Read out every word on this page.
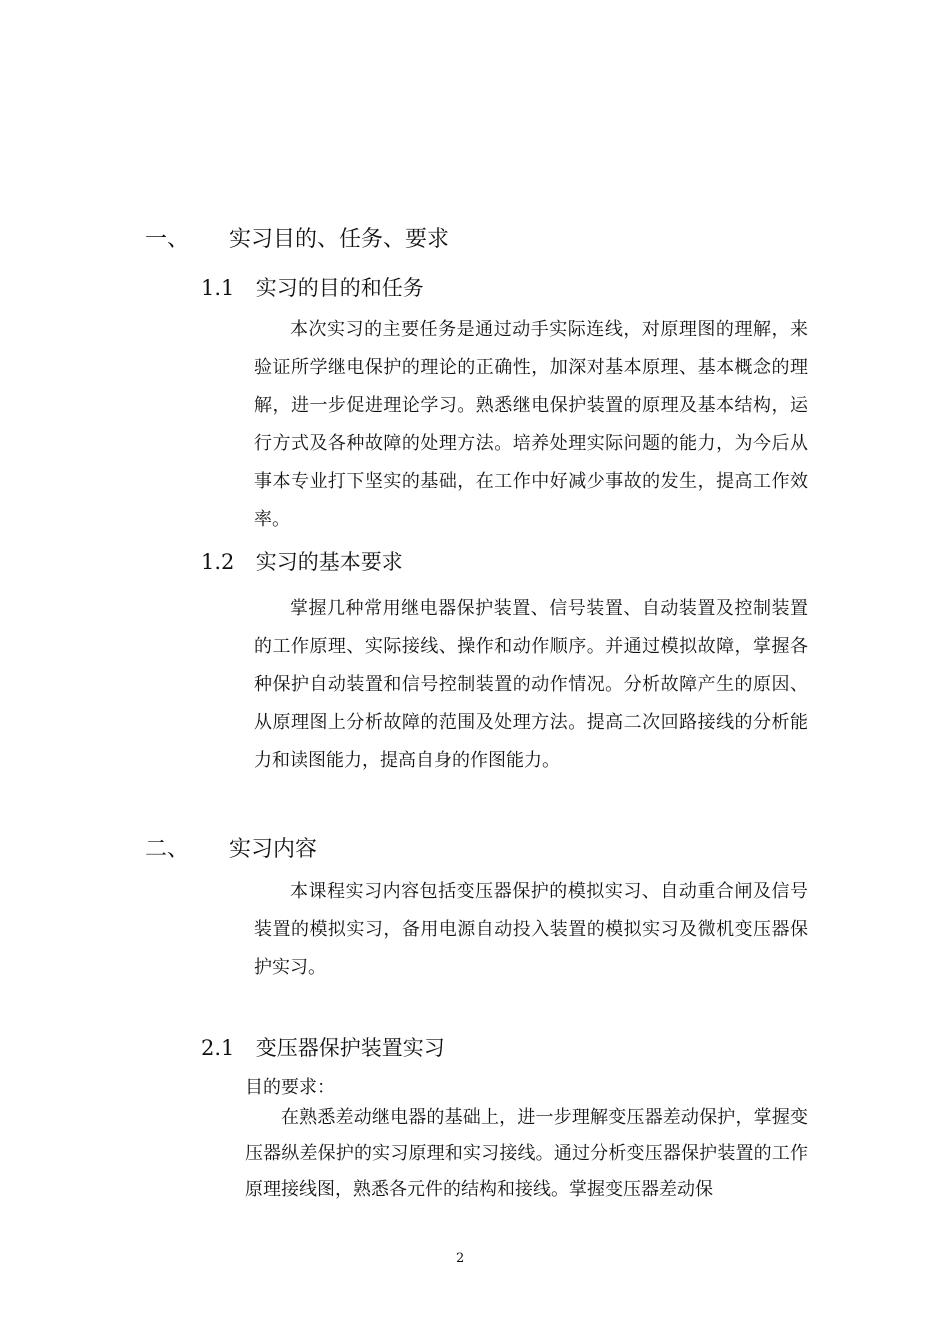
一、 实习目的、任务、要求
1.1 实习的目的和任务
本次实习的主要任务是通过动手实际连线，对原理图的理解，来验证所学继电保护的理论的正确性，加深对基本原理、基本概念的理解，进一步促进理论学习。熟悉继电保护装置的原理及基本结构，运行方式及各种故障的处理方法。培养处理实际问题的能力，为今后从事本专业打下坚实的基础，在工作中好减少事故的发生，提高工作效率。
1.2 实习的基本要求
掌握几种常用继电器保护装置、信号装置、自动装置及控制装置的工作原理、实际接线、操作和动作顺序。并通过模拟故障，掌握各种保护自动装置和信号控制装置的动作情况。分析故障产生的原因、从原理图上分析故障的范围及处理方法。提高二次回路接线的分析能力和读图能力，提高自身的作图能力。
二、 实习内容
本课程实习内容包括变压器保护的模拟实习、自动重合闸及信号装置的模拟实习，备用电源自动投入装置的模拟实习及微机变压器保护实习。
2.1 变压器保护装置实习
目的要求：
在熟悉差动继电器的基础上，进一步理解变压器差动保护，掌握变压器纵差保护的实习原理和实习接线。通过分析变压器保护装置的工作原理接线图，熟悉各元件的结构和接线。掌握变压器差动保
2
